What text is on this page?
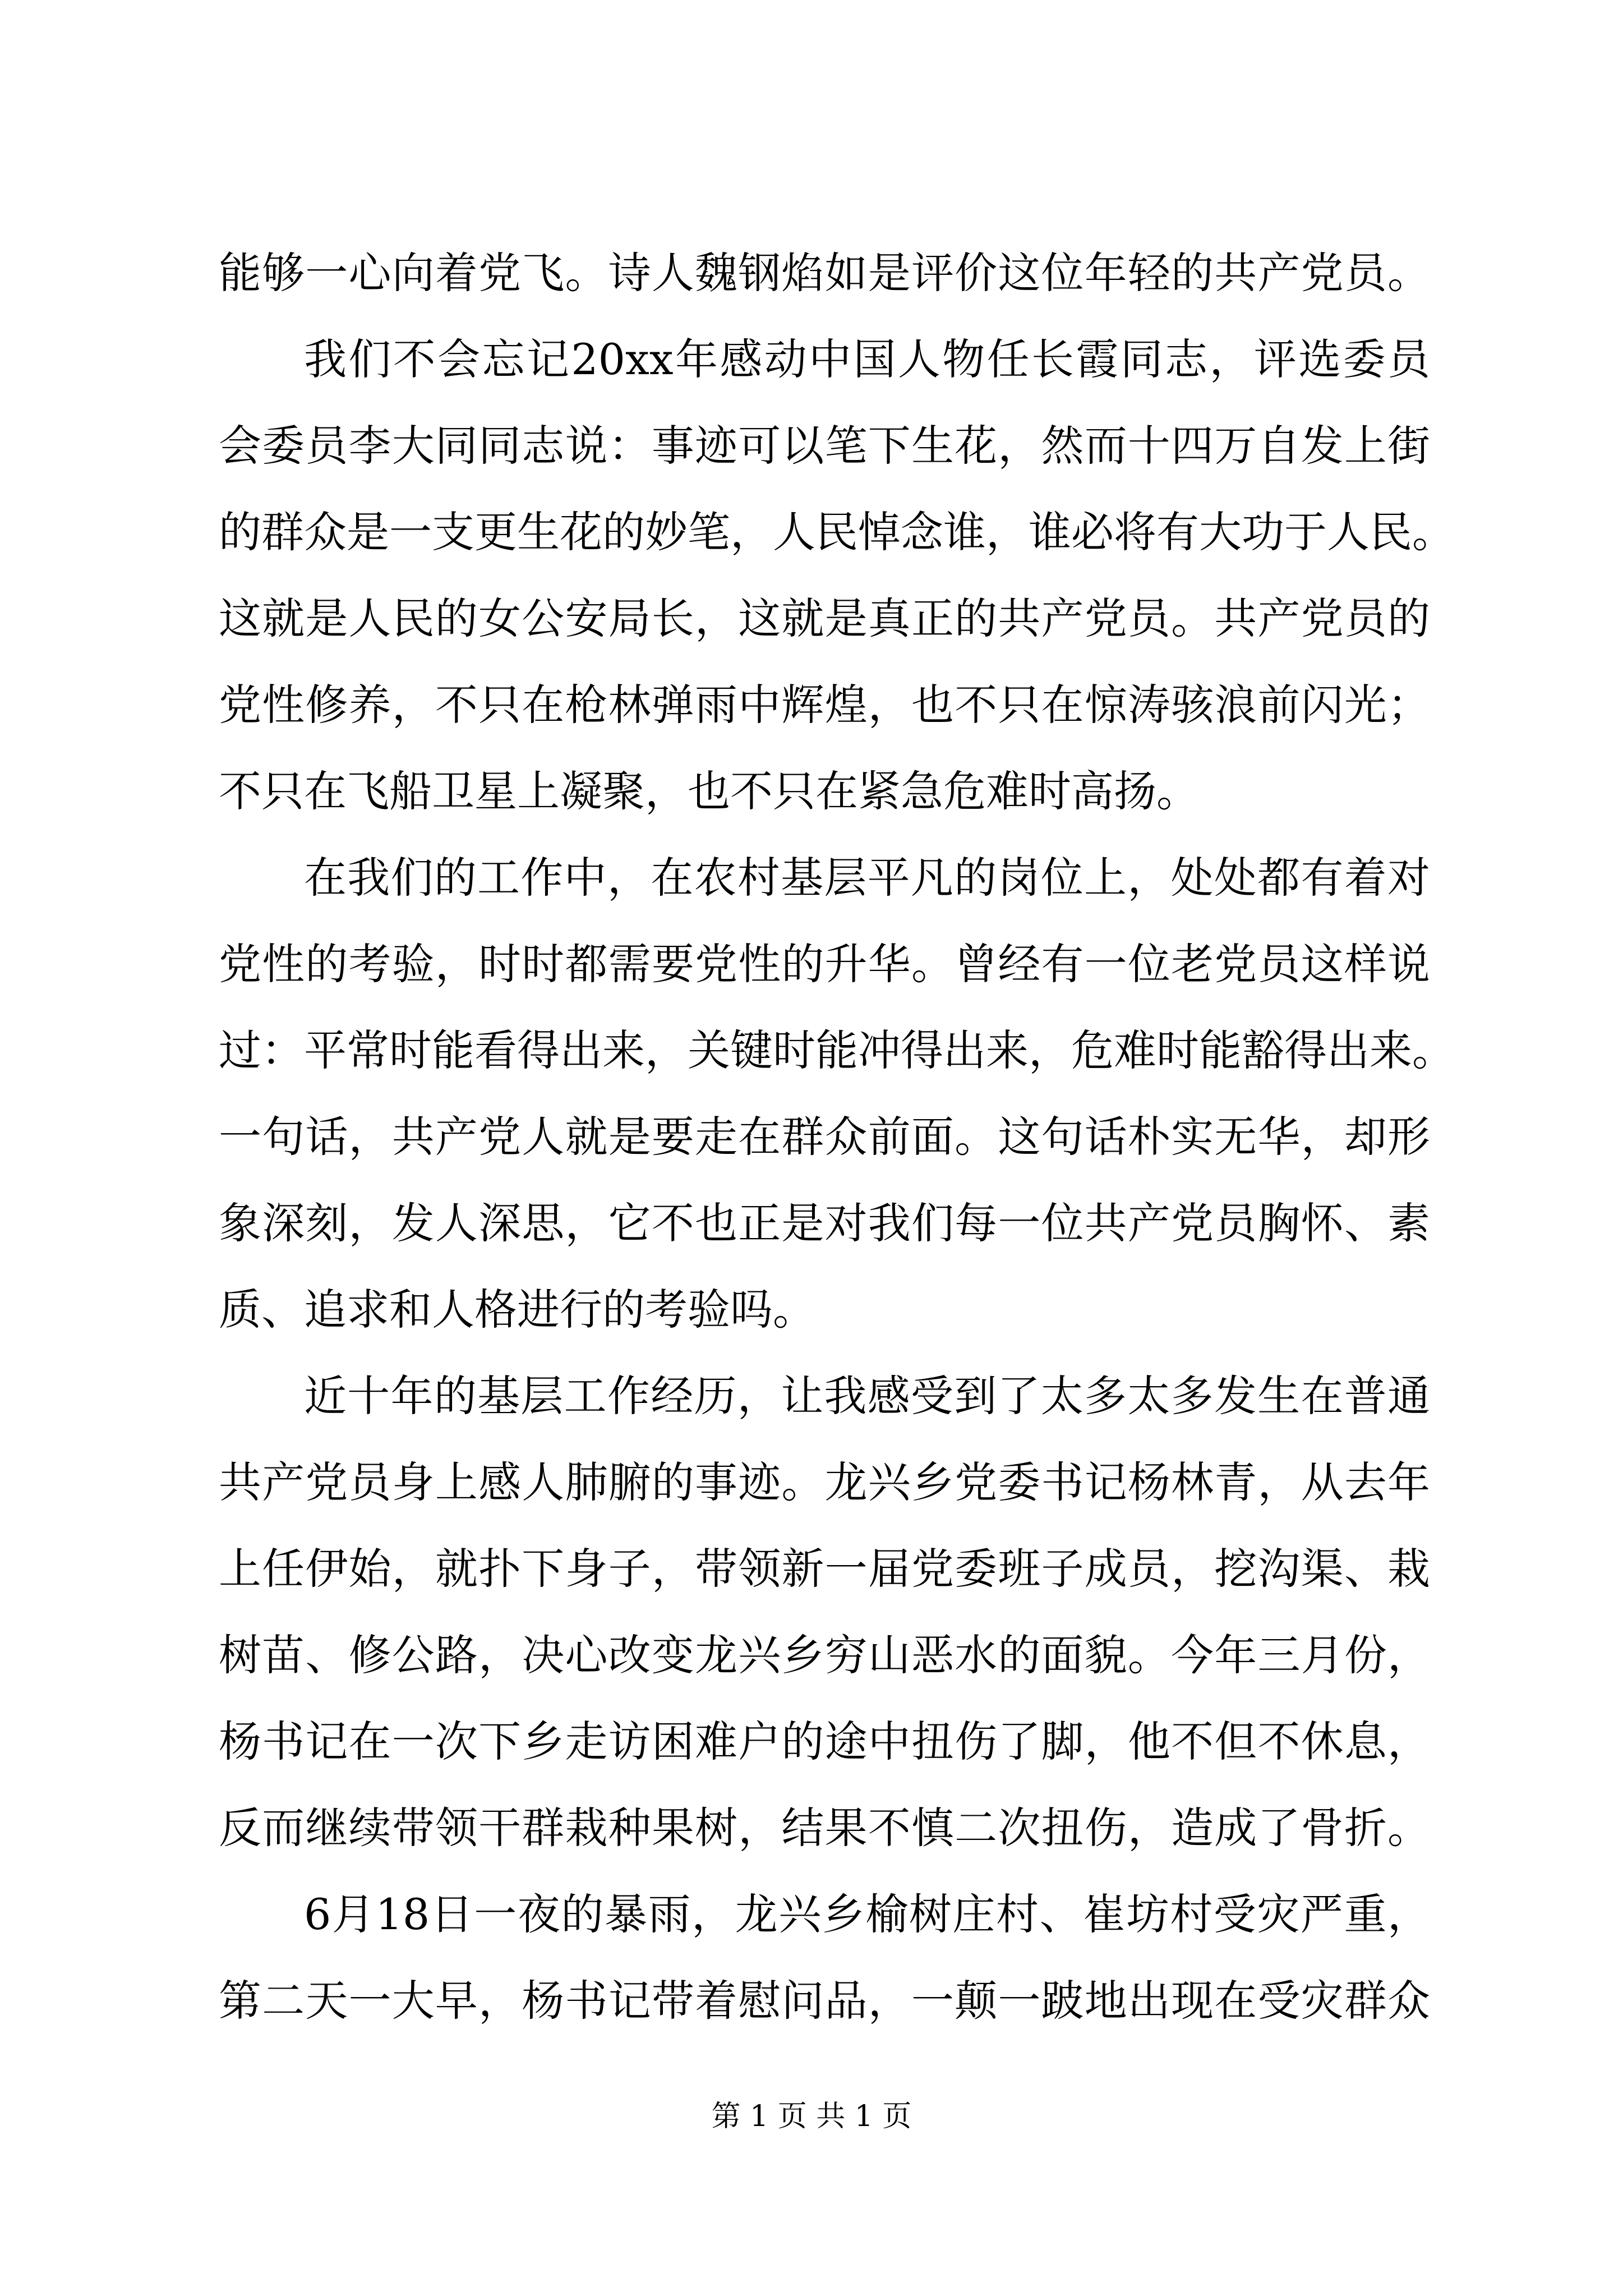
能够一心向着党飞。诗人魏钢焰如是评价这位年轻的共产党员。
我们不会忘记20xx年感动中国人物任长霞同志，评选委员
会委员李大同同志说：事迹可以笔下生花，然而十四万自发上街
的群众是一支更生花的妙笔，人民悼念谁，谁必将有大功于人民。
这就是人民的女公安局长，这就是真正的共产党员。共产党员的
党性修养，不只在枪林弹雨中辉煌，也不只在惊涛骇浪前闪光；
不只在飞船卫星上凝聚，也不只在紧急危难时高扬。
在我们的工作中，在农村基层平凡的岗位上，处处都有着对
党性的考验，时时都需要党性的升华。曾经有一位老党员这样说
过：平常时能看得出来，关键时能冲得出来，危难时能豁得出来。
一句话，共产党人就是要走在群众前面。这句话朴实无华，却形
象深刻，发人深思，它不也正是对我们每一位共产党员胸怀、素
质、追求和人格进行的考验吗。
近十年的基层工作经历，让我感受到了太多太多发生在普通
共产党员身上感人肺腑的事迹。龙兴乡党委书记杨林青，从去年
上任伊始，就扑下身子，带领新一届党委班子成员，挖沟渠、栽
树苗、修公路，决心改变龙兴乡穷山恶水的面貌。今年三月份，
杨书记在一次下乡走访困难户的途中扭伤了脚，他不但不休息，
反而继续带领干群栽种果树，结果不慎二次扭伤，造成了骨折。
6月18日一夜的暴雨，龙兴乡榆树庄村、崔坊村受灾严重，
第二天一大早，杨书记带着慰问品，一颠一跛地出现在受灾群众
第 1 页 共 1 页
